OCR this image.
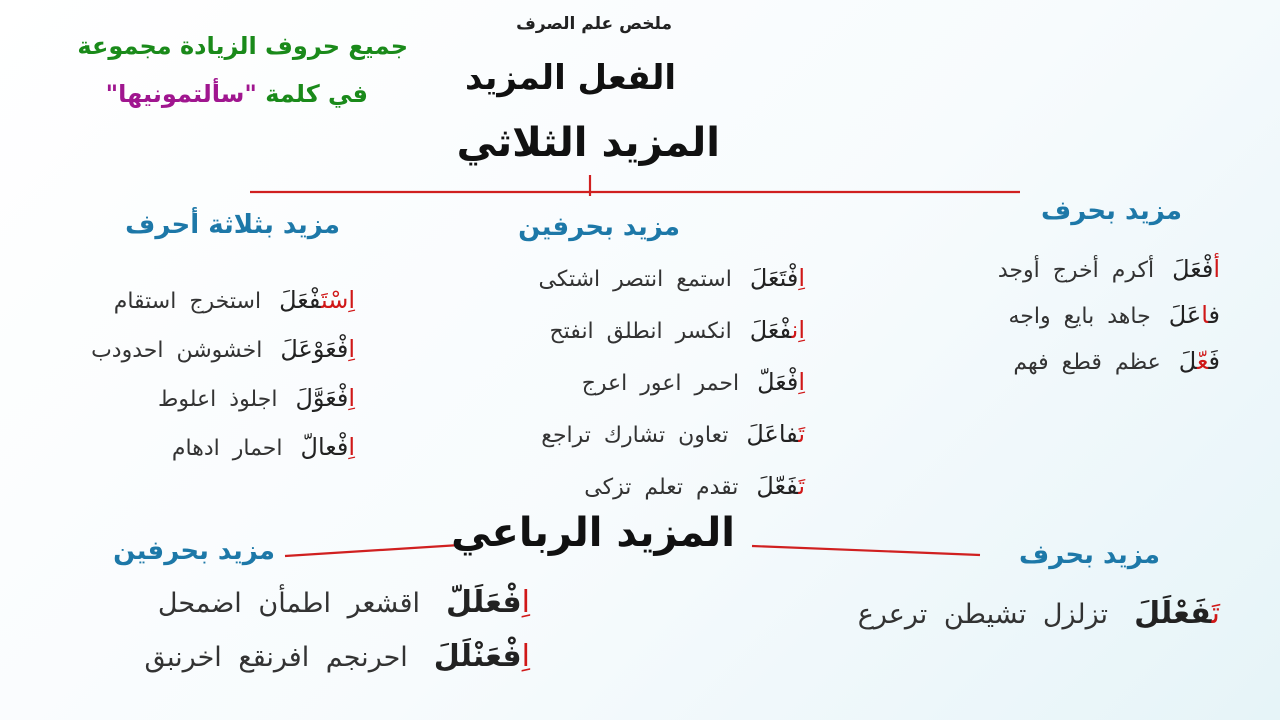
ملخص علم الصرف
الفعل المزيد
المزيد الثلاثي
جميع حروف الزيادة مجموعة
في كلمة "سألتمونيها"
مزيد بحرف
أفْعَلَ
أكرم أخرج أوجد
فاعَلَ
جاهد بايع واجه
فَعّلَ
عظم قطع فهم
مزيد بحرفين
اِفْتَعَلَ
استمع انتصر اشتكى
اِنفْعَلَ
انكسر انطلق انفتح
اِفْعَلّ
احمر اعور اعرج
تَفاعَلَ
تعاون تشارك تراجع
تَفَعّلَ
تقدم تعلم تزكى
مزيد بثلاثة أحرف
اِسْتَفْعَلَ
استخرج استقام
اِفْعَوْعَلَ
اخشوشن احدودب
اِفْعَوَّلَ
اجلوذ اعلوط
اِفْعالّ
احمار ادهام
المزيد الرباعي	مزيد بحرف
تَفَعْلَلَ
تزلزل تشيطن ترعرع
مزيد بحرفين
اِفْعَلَلّ
اقشعر اطمأن اضمحل
اِفْعَنْلَلَ
احرنجم افرنقع اخرنبق
